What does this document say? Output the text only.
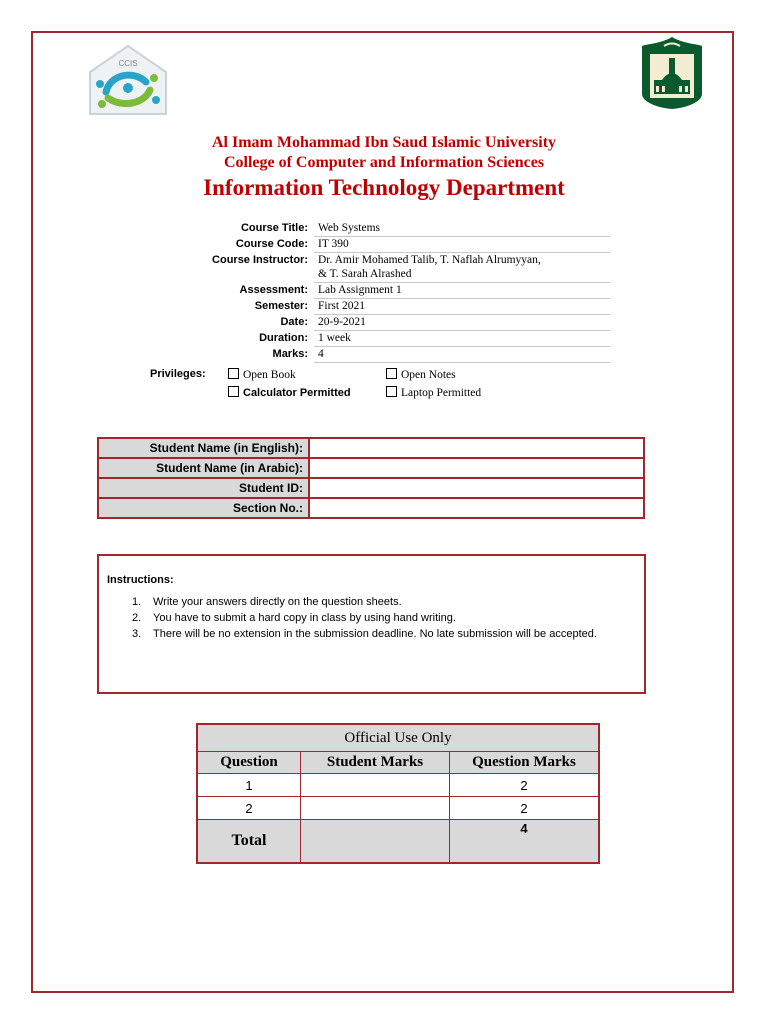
CCIS
Al Imam Mohammad Ibn Saud Islamic University
College of Computer and Information Sciences
Information Technology Department
Course Title:	Web Systems
Course Code:	IT 390
Course Instructor:	Dr. Amir Mohamed Talib, T. Naflah Alrumyyan, & T. Sarah Alrashed
Assessment:	Lab Assignment 1
Semester:	First 2021
Date:	20-9-2021
Duration:	1 week
Marks:	4
Privileges:	Open Book	Open Notes
Calculator Permitted	Laptop Permitted
Student Name (in English):	
Student Name (in Arabic):	
Student ID:	
Section No.:	
Instructions:
1. Write your answers directly on the question sheets.
2. You have to submit a hard copy in class by using hand writing.
3. There will be no extension in the submission deadline. No late submission will be accepted.
Official Use Only		
Question	Student Marks	Question Marks
1		2
2		2
Total		4
